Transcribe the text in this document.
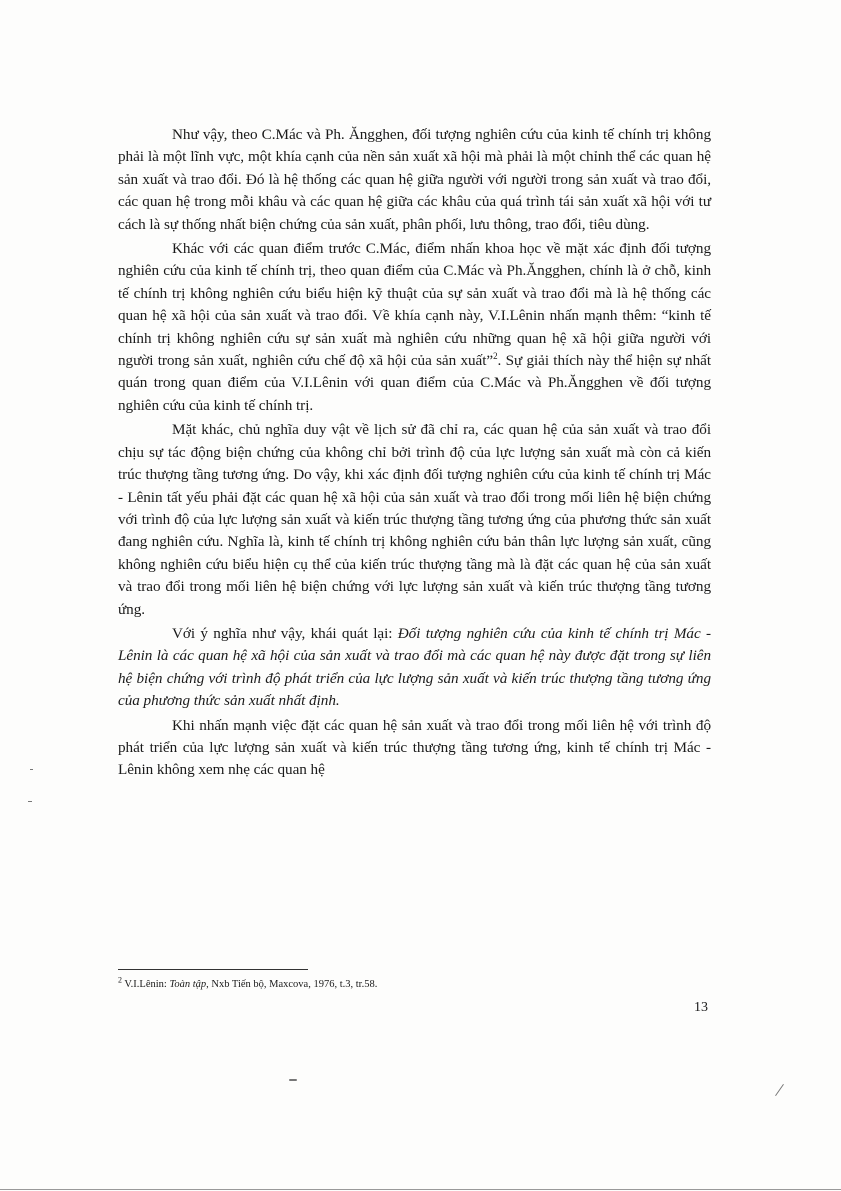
Như vậy, theo C.Mác và Ph. Ăngghen, đối tượng nghiên cứu của kinh tế chính trị không phải là một lĩnh vực, một khía cạnh của nền sản xuất xã hội mà phải là một chỉnh thể các quan hệ sản xuất và trao đổi. Đó là hệ thống các quan hệ giữa người với người trong sản xuất và trao đổi, các quan hệ trong mỗi khâu và các quan hệ giữa các khâu của quá trình tái sản xuất xã hội với tư cách là sự thống nhất biện chứng của sản xuất, phân phối, lưu thông, trao đổi, tiêu dùng.

Khác với các quan điểm trước C.Mác, điểm nhấn khoa học về mặt xác định đối tượng nghiên cứu của kinh tế chính trị, theo quan điểm của C.Mác và Ph.Ăngghen, chính là ở chỗ, kinh tế chính trị không nghiên cứu biểu hiện kỹ thuật của sự sản xuất và trao đổi mà là hệ thống các quan hệ xã hội của sản xuất và trao đổi. Về khía cạnh này, V.I.Lênin nhấn mạnh thêm: “kinh tế chính trị không nghiên cứu sự sản xuất mà nghiên cứu những quan hệ xã hội giữa người với người trong sản xuất, nghiên cứu chế độ xã hội của sản xuất”$^2$. Sự giải thích này thể hiện sự nhất quán trong quan điểm của V.I.Lênin với quan điểm của C.Mác và Ph.Ăngghen về đối tượng nghiên cứu của kinh tế chính trị.

Mặt khác, chủ nghĩa duy vật về lịch sử đã chỉ ra, các quan hệ của sản xuất và trao đổi chịu sự tác động biện chứng của không chỉ bởi trình độ của lực lượng sản xuất mà còn cả kiến trúc thượng tầng tương ứng. Do vậy, khi xác định đối tượng nghiên cứu của kinh tế chính trị Mác - Lênin tất yếu phải đặt các quan hệ xã hội của sản xuất và trao đổi trong mối liên hệ biện chứng với trình độ của lực lượng sản xuất và kiến trúc thượng tầng tương ứng của phương thức sản xuất đang nghiên cứu. Nghĩa là, kinh tế chính trị không nghiên cứu bản thân lực lượng sản xuất, cũng không nghiên cứu biểu hiện cụ thể của kiến trúc thượng tầng mà là đặt các quan hệ của sản xuất và trao đổi trong mối liên hệ biện chứng với lực lượng sản xuất và kiến trúc thượng tầng tương ứng.

Với ý nghĩa như vậy, khái quát lại: Đối tượng nghiên cứu của kinh tế chính trị Mác - Lênin là các quan hệ xã hội của sản xuất và trao đổi mà các quan hệ này được đặt trong sự liên hệ biện chứng với trình độ phát triển của lực lượng sản xuất và kiến trúc thượng tầng tương ứng của phương thức sản xuất nhất định.

Khi nhấn mạnh việc đặt các quan hệ sản xuất và trao đổi trong mối liên hệ với trình độ phát triển của lực lượng sản xuất và kiến trúc thượng tầng tương ứng, kinh tế chính trị Mác - Lênin không xem nhẹ các quan hệ

$^2$ V.I.Lênin: Toàn tập, Nxb Tiến bộ, Maxcova, 1976, t.3, tr.58.

13
